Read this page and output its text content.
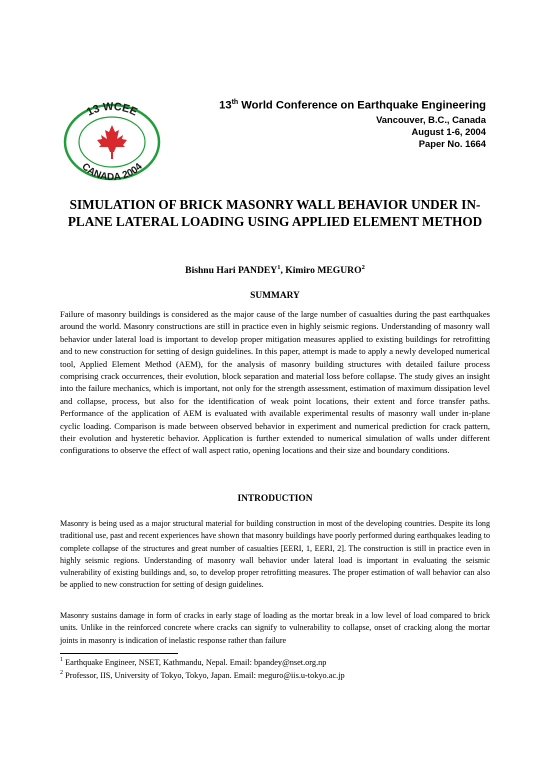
13 WCEE
CANADA 2004
13th World Conference on Earthquake Engineering
Vancouver, B.C., Canada
August 1-6, 2004
Paper No. 1664
SIMULATION OF BRICK MASONRY WALL BEHAVIOR UNDER IN-
PLANE LATERAL LOADING USING APPLIED ELEMENT METHOD
Bishnu Hari PANDEY$^1$, Kimiro MEGURO$^2$
SUMMARY
Failure of masonry buildings is considered as the major cause of the large number of casualties during the past earthquakes around the world. Masonry constructions are still in practice even in highly seismic regions. Understanding of masonry wall behavior under lateral load is important to develop proper mitigation measures applied to existing buildings for retrofitting and to new construction for setting of design guidelines. In this paper, attempt is made to apply a newly developed numerical tool, Applied Element Method (AEM), for the analysis of masonry building structures with detailed failure process comprising crack occurrences, their evolution, block separation and material loss before collapse. The study gives an insight into the failure mechanics, which is important, not only for the strength assessment, estimation of maximum dissipation level and collapse, process, but also for the identification of weak point locations, their extent and force transfer paths. Performance of the application of AEM is evaluated with available experimental results of masonry wall under in-plane cyclic loading. Comparison is made between observed behavior in experiment and numerical prediction for crack pattern, their evolution and hysteretic behavior. Application is further extended to numerical simulation of walls under different configurations to observe the effect of wall aspect ratio, opening locations and their size and boundary conditions.
INTRODUCTION
Masonry is being used as a major structural material for building construction in most of the developing countries. Despite its long traditional use, past and recent experiences have shown that masonry buildings have poorly performed during earthquakes leading to complete collapse of the structures and great number of casualties [EERI, 1, EERI, 2]. The construction is still in practice even in highly seismic regions. Understanding of masonry wall behavior under lateral load is important in evaluating the seismic vulnerability of existing buildings and, so, to develop proper retrofitting measures. The proper estimation of wall behavior can also be applied to new construction for setting of design guidelines.
Masonry sustains damage in form of cracks in early stage of loading as the mortar break in a low level of load compared to brick units. Unlike in the reinforced concrete where cracks can signify to vulnerability to collapse, onset of cracking along the mortar joints in masonry is indication of inelastic response rather than failure
$^1$ Earthquake Engineer, NSET, Kathmandu, Nepal. Email: bpandey@nset.org.np
$^2$ Professor, IIS, University of Tokyo, Tokyo, Japan. Email: meguro@iis.u-tokyo.ac.jp
